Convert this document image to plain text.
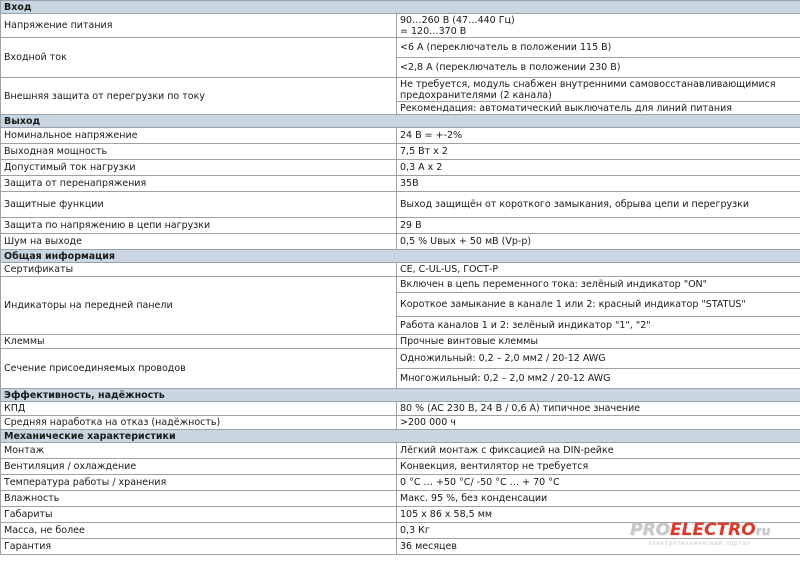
Вход	
Напряжение питания	90…260 В (47…440 Гц)
= 120…370 В

Входной ток	<6 А (переключатель в положении 115 В)
	<2,8 А (переключатель в положении 230 В)
Внешняя защита от перегрузки по току	Не требуется, модуль снабжен внутренними самовосстанавливающимися предохранителями (2 канала)
	Рекомендация: автоматический выключатель для линий питания
Выход	
Номинальное напряжение	24 В = +-2%
Выходная мощность	7,5 Вт х 2
Допустимый ток нагрузки	0,3 А х 2
Защита от перенапряжения	35В
Защитные функции	Выход защищён от короткого замыкания, обрыва цепи и перегрузки
Защита по напряжению в цепи нагрузки	29 В
Шум на выходе	0,5 % Uвых + 50 мВ (Vр-р)
Общая информация	
Сертификаты	CE, C-UL-US, ГОСТ-Р
Индикаторы на передней панели	Включен в цепь переменного тока: зелёный индикатор "ON"
	Короткое замыкание в канале 1 или 2: красный индикатор "STATUS"
	Работа каналов 1 и 2: зелёный индикатор "1", "2"
Клеммы	Прочные винтовые клеммы
Сечение присоединяемых проводов	Одножильный: 0,2 – 2,0 мм2 / 20-12 AWG
	Многожильный: 0,2 – 2,0 мм2 / 20-12 AWG
Эффективность, надёжность	
КПД	80 % (AC 230 В, 24 В / 0,6 А) типичное значение
Средняя наработка на отказ (надёжность)	>200 000 ч
Механические характеристики	
Монтаж	Лёгкий монтаж с фиксацией на DIN-рейке
Вентиляция / охлаждение	Конвекция, вентилятор не требуется
Температура работы / хранения	0 °С … +50 °С/ -50 °С … + 70 °С
Влажность	Макс. 95 %, без конденсации
Габариты	105 х 86 х 58,5 мм
Масса, не более	0,3 Кг
Гарантия	36 месяцев
PROELECTROru
электротехнический портал
